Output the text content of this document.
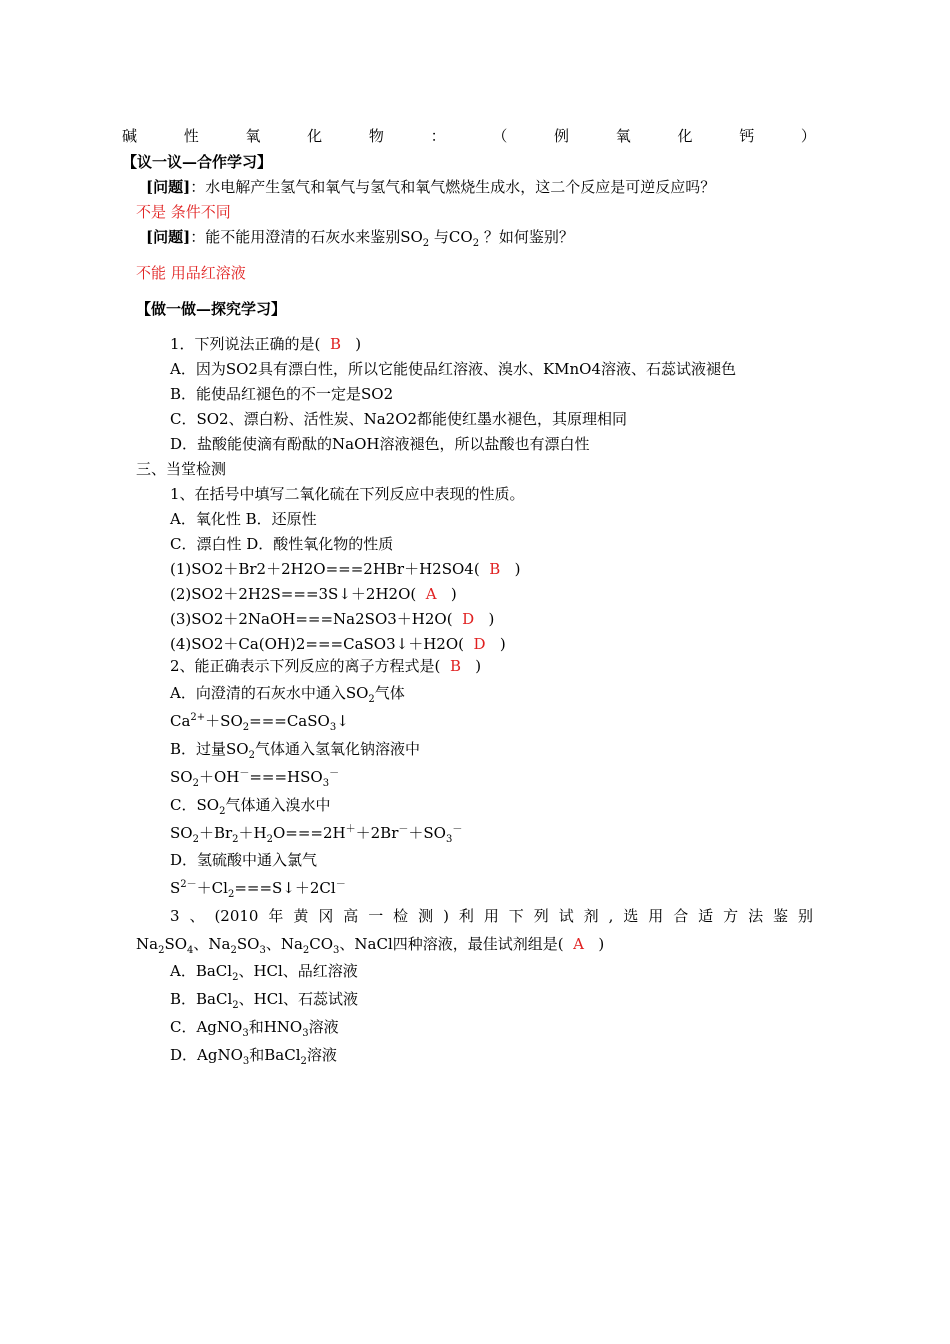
碱	性	氧	化	物	：	（	例	氧	化	钙	）
【议一议—合作学习】
[问题]：水电解产生氢气和氧气与氢气和氧气燃烧生成水，这二个反应是可逆反应吗？
不是 条件不同
[问题]：能不能用澄清的石灰水来鉴别$SO_2$ 与$CO_2$ ？如何鉴别？
不能 用品红溶液
【做一做—探究学习】
1．下列说法正确的是( B )
A．因为SO2具有漂白性，所以它能使品红溶液、溴水、KMnO4溶液、石蕊试液褪色
B．能使品红褪色的不一定是SO2
C．SO2、漂白粉、活性炭、Na2O2都能使红墨水褪色，其原理相同
D．盐酸能使滴有酚酞的NaOH溶液褪色，所以盐酸也有漂白性
三、当堂检测
1、在括号中填写二氧化硫在下列反应中表现的性质。
A．氧化性 B．还原性
C．漂白性 D．酸性氧化物的性质
(1)SO2＋Br2＋2H2O===2HBr＋H2SO4( B   )
(2)SO2＋2H2S===3S↓＋2H2O( A   )
(3)SO2＋2NaOH===Na2SO3＋H2O( D   )
(4)SO2＋Ca(OH)2===CaSO3↓＋H2O( D   )
2、能正确表示下列反应的离子方程式是( B   )
A．向澄清的石灰水中通入$SO_2$气体
$Ca^{2+}+SO_2===CaSO_3↓$
B．过量$SO_2$气体通入氢氧化钠溶液中
$SO_2+OH^-===HSO_3^-$
C．$SO_2$气体通入溴水中
$SO_2+Br_2+H_2O===2H^++2Br^-+SO_3^-$
D．氢硫酸中通入氯气
$S^{2-}+Cl_2===S↓+2Cl^-$
3 、 (2010 年 黄 冈 高 一 检 测 ) 利 用 下 列 试 剂 , 选 用 合 适 方 法 鉴 别
$Na_2SO_4$、$Na_2SO_3$、$Na_2CO_3$、NaCl四种溶液，最佳试剂组是( A   )
A．BaCl$_2$、HCl、品红溶液
B．BaCl$_2$、HCl、石蕊试液
C．AgNO$_3$和$HNO_3$溶液
D．AgNO$_3$和BaCl$_2$溶液
